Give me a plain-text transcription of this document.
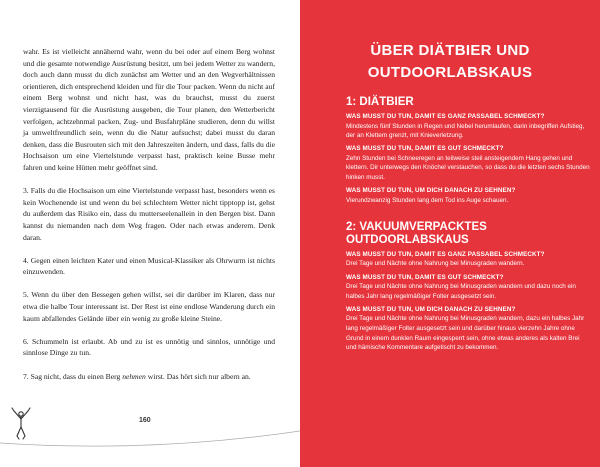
wahr. Es ist vielleicht annähernd wahr, wenn du bei oder auf einem Berg wohnst und die gesamte notwendige Ausrüstung besitzt, um bei jedem Wetter zu wandern, doch auch dann musst du dich zunächst am Wetter und an den Wegverhältnissen orientieren, dich entsprechend kleiden und für die Tour packen. Wenn du nicht auf einem Berg wohnst und nicht hast, was du brauchst, musst du zuerst vierzigtausend für die Ausrüstung ausgeben, die Tour planen, den Wetterbericht verfolgen, achtzehnmal packen, Zug- und Busfahrpläne studieren, denn du willst ja umweltfreundlich sein, wenn du die Natur aufsuchst; dabei musst du daran denken, dass die Busrouten sich mit den Jahreszeiten ändern, und dass, falls du die Hochsaison um eine Viertelstunde verpasst hast, praktisch keine Busse mehr fahren und keine Hütten mehr geöffnet sind.

3. Falls du die Hochsaison um eine Viertelstunde verpasst hast, besonders wenn es kein Wochenende ist und wenn du bei schlechtem Wetter nicht tipptopp ist, gehst du außerdem das Risiko ein, dass du mutterseelenallein in den Bergen bist. Dann kannst du niemanden nach dem Weg fragen. Oder nach etwas anderem. Denk daran.

4. Gegen einen leichten Kater und einen Musical-Klassiker als Ohrwurm ist nichts einzuwenden.

5. Wenn du über den Bessegen gehen willst, sei dir darüber im Klaren, dass nur etwa die halbe Tour interessant ist. Der Rest ist eine endlose Wanderung durch ein kaum abfallendes Gelände über ein wenig zu große kleine Steine.

6. Schummeln ist erlaubt. Ab und zu ist es unnötig und sinnlos, unnötige und sinnlose Dinge zu tun.

7. Sag nicht, dass du einen Berg nehmen wirst. Das hört sich nur albern an.

160
ÜBER DIÄTBIER UND
OUTDOORLABSKAUS
1: DIÄTBIER
WAS MUSST DU TUN, DAMIT ES GANZ PASSABEL SCHMECKT?
Mindestens fünf Stunden in Regen und Nebel herumlaufen, darin inbegriffen Aufstieg, der an Klettern grenzt, mit Knieverletzung.
WAS MUSST DU TUN, DAMIT ES GUT SCHMECKT?
Zehn Stunden bei Schneeregen an teilweise steil ansteigendem Hang gehen und klettern. Dir unterwegs den Knöchel verstauchen, so dass du die letzten sechs Stunden hinken musst.
WAS MUSST DU TUN, UM DICH DANACH ZU SEHNEN?
Vierundzwanzig Stunden lang dem Tod ins Auge schauen.
2: VAKUUMVERPACKTES
OUTDOORLABSKAUS
WAS MUSST DU TUN, DAMIT ES GANZ PASSABEL SCHMECKT?
Drei Tage und Nächte ohne Nahrung bei Minusgraden wandern.
WAS MUSST DU TUN, DAMIT ES GUT SCHMECKT?
Drei Tage und Nächte ohne Nahrung bei Minusgraden wandern und dazu noch ein halbes Jahr lang regelmäßiger Folter ausgesetzt sein.
WAS MUSST DU TUN, UM DICH DANACH ZU SEHNEN?
Drei Tage und Nächte ohne Nahrung bei Minusgraden wandern, dazu ein halbes Jahr lang regelmäßiger Folter ausgesetzt sein und darüber hinaus vierzehn Jahre ohne Grund in einem dunklen Raum eingesperrt sein, ohne etwas anderes als kalten Brei und hämische Kommentare aufgetischt zu bekommen.
